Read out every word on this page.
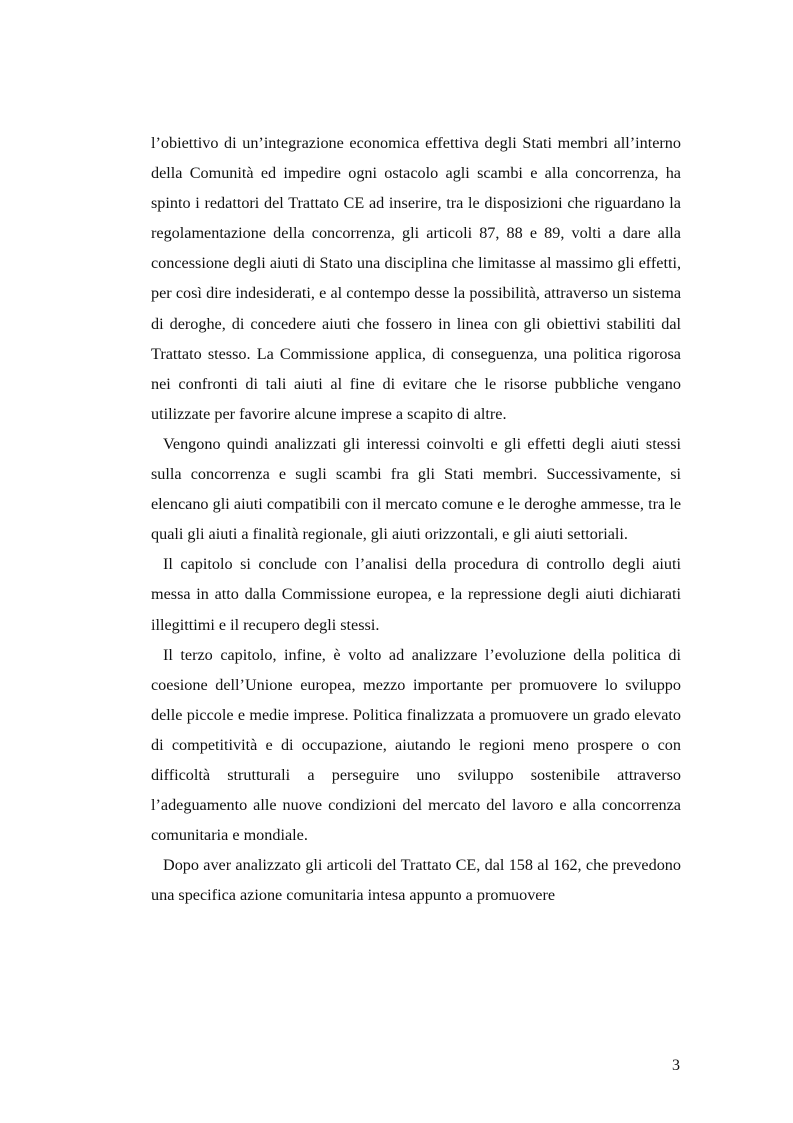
l’obiettivo di un’integrazione economica effettiva degli Stati membri all’interno della Comunità ed impedire ogni ostacolo agli scambi e alla concorrenza, ha spinto i redattori del Trattato CE ad inserire, tra le disposizioni che riguardano la regolamentazione della concorrenza, gli articoli 87, 88 e 89, volti a dare alla concessione degli aiuti di Stato una disciplina che limitasse al massimo gli effetti, per così dire indesiderati, e al contempo desse la possibilità, attraverso un sistema di deroghe, di concedere aiuti che fossero in linea con gli obiettivi stabiliti dal Trattato stesso. La Commissione applica, di conseguenza, una politica rigorosa nei confronti di tali aiuti al fine di evitare che le risorse pubbliche vengano utilizzate per favorire alcune imprese a scapito di altre.

Vengono quindi analizzati gli interessi coinvolti e gli effetti degli aiuti stessi sulla concorrenza e sugli scambi fra gli Stati membri. Successivamente, si elencano gli aiuti compatibili con il mercato comune e le deroghe ammesse, tra le quali gli aiuti a finalità regionale, gli aiuti orizzontali, e gli aiuti settoriali.

Il capitolo si conclude con l’analisi della procedura di controllo degli aiuti messa in atto dalla Commissione europea, e la repressione degli aiuti dichiarati illegittimi e il recupero degli stessi.

Il terzo capitolo, infine, è volto ad analizzare l’evoluzione della politica di coesione dell’Unione europea, mezzo importante per promuovere lo sviluppo delle piccole e medie imprese. Politica finalizzata a promuovere un grado elevato di competitività e di occupazione, aiutando le regioni meno prospere o con difficoltà strutturali a perseguire uno sviluppo sostenibile attraverso l’adeguamento alle nuove condizioni del mercato del lavoro e alla concorrenza comunitaria e mondiale.

Dopo aver analizzato gli articoli del Trattato CE, dal 158 al 162, che prevedono una specifica azione comunitaria intesa appunto a promuovere

3
